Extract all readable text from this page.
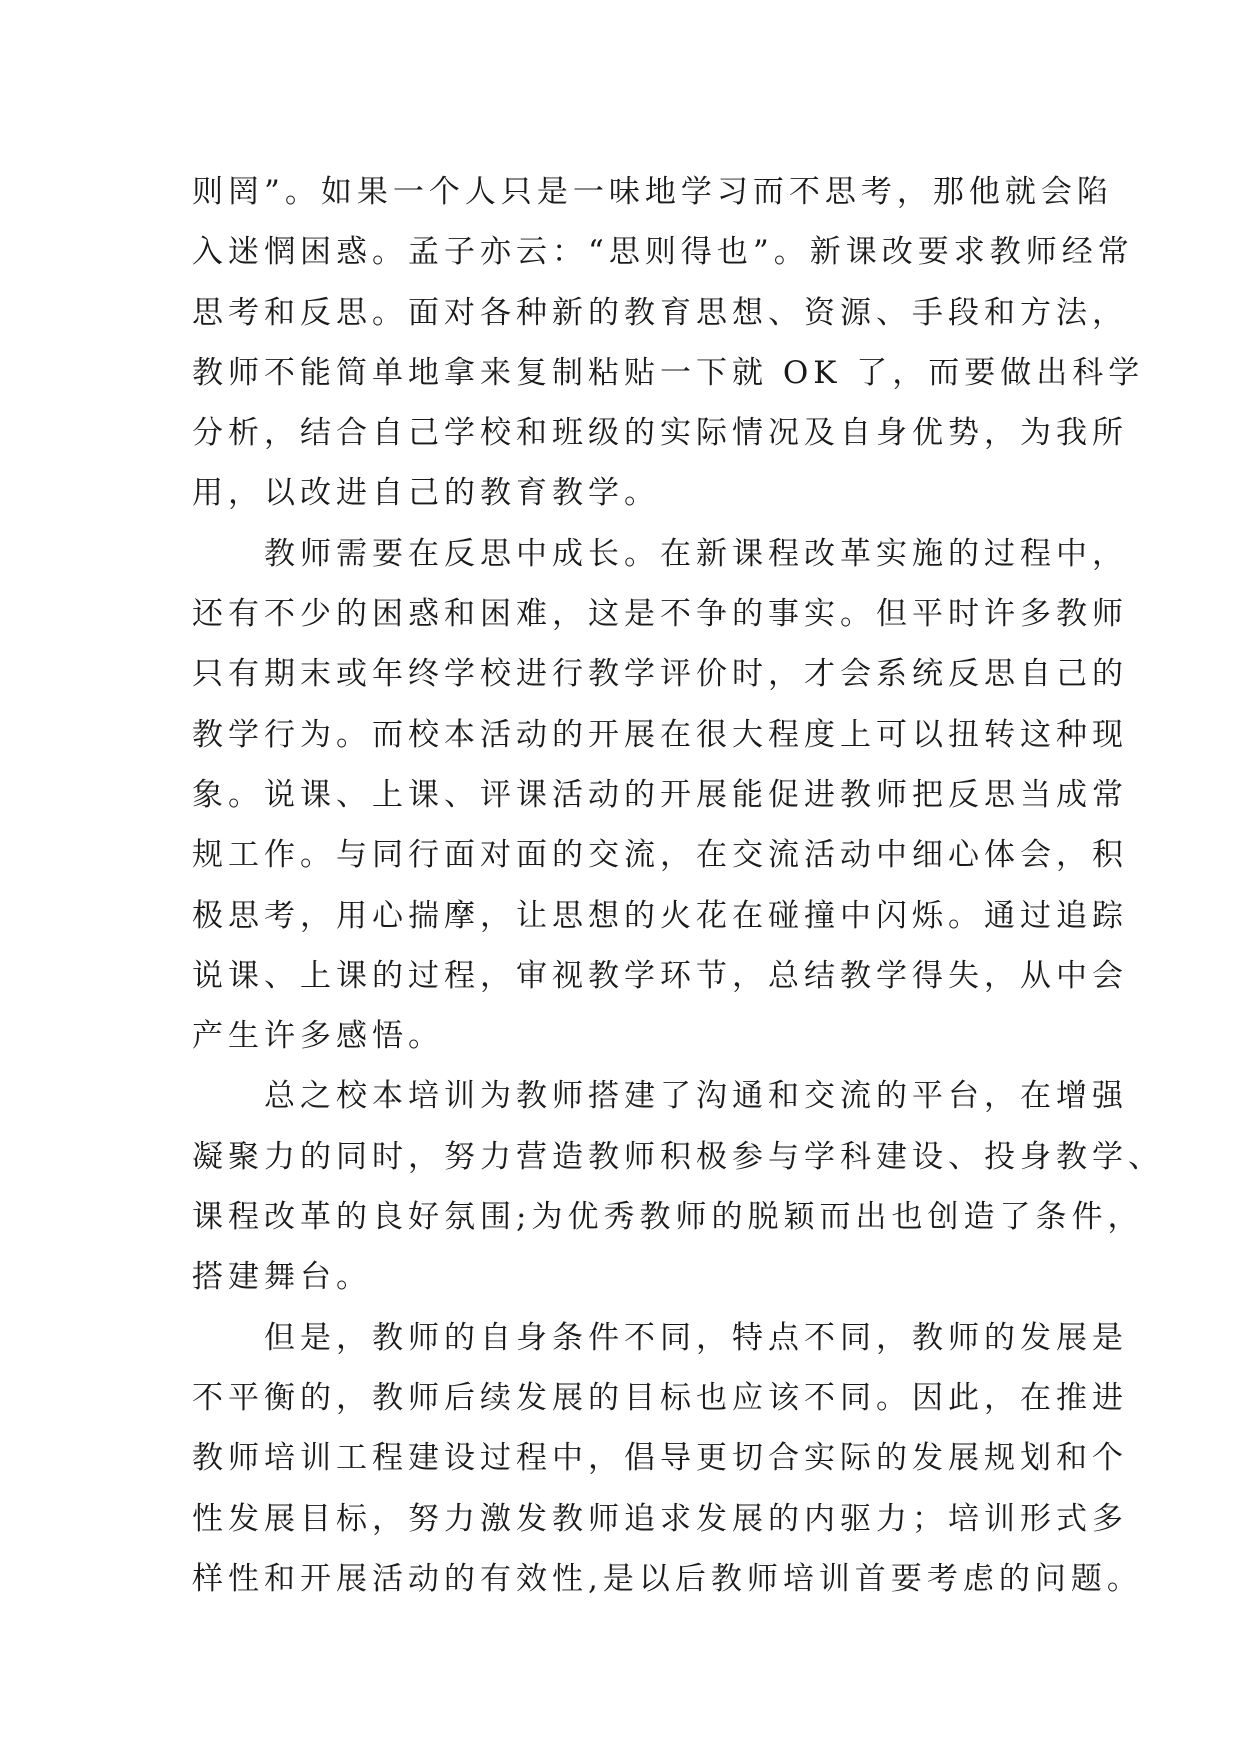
则罔”。如果一个人只是一味地学习而不思考，那他就会陷
入迷惘困惑。孟子亦云：“思则得也”。新课改要求教师经常
思考和反思。面对各种新的教育思想、资源、手段和方法，
教师不能简单地拿来复制粘贴一下就 OK 了，而要做出科学
分析，结合自己学校和班级的实际情况及自身优势，为我所
用，以改进自己的教育教学。
教师需要在反思中成长。在新课程改革实施的过程中，
还有不少的困惑和困难，这是不争的事实。但平时许多教师
只有期末或年终学校进行教学评价时，才会系统反思自己的
教学行为。而校本活动的开展在很大程度上可以扭转这种现
象。说课、上课、评课活动的开展能促进教师把反思当成常
规工作。与同行面对面的交流，在交流活动中细心体会，积
极思考，用心揣摩，让思想的火花在碰撞中闪烁。通过追踪
说课、上课的过程，审视教学环节，总结教学得失，从中会
产生许多感悟。
总之校本培训为教师搭建了沟通和交流的平台，在增强
凝聚力的同时，努力营造教师积极参与学科建设、投身教学、
课程改革的良好氛围;为优秀教师的脱颖而出也创造了条件，
搭建舞台。
但是，教师的自身条件不同，特点不同，教师的发展是
不平衡的，教师后续发展的目标也应该不同。因此，在推进
教师培训工程建设过程中，倡导更切合实际的发展规划和个
性发展目标，努力激发教师追求发展的内驱力；培训形式多
样性和开展活动的有效性,是以后教师培训首要考虑的问题。
